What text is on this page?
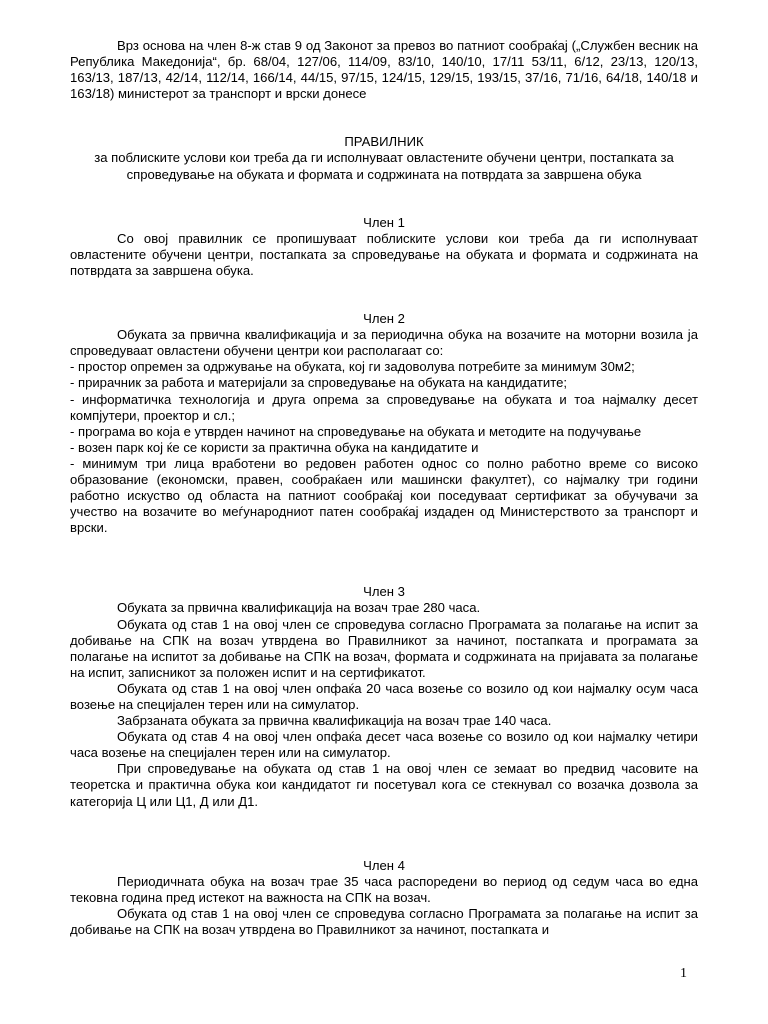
Врз основа на член 8-ж став 9 од Законот за превоз во патниот сообраќај („Службен весник на Република Македонија“, бр. 68/04, 127/06, 114/09, 83/10, 140/10, 17/11 53/11, 6/12, 23/13, 120/13, 163/13, 187/13, 42/14, 112/14, 166/14, 44/15, 97/15, 124/15, 129/15, 193/15, 37/16, 71/16, 64/18, 140/18 и 163/18) министерот за транспорт и врски донесе

ПРАВИЛНИК

за поблиските услови кои треба да ги исполнуваат овластените обучени центри, постапката за спроведување на обуката и формата и содржината на потврдата за завршена обука

Член 1

Со овој правилник се пропишуваат поблиските услови кои треба да ги исполнуваат овластените обучени центри, постапката за спроведување на обуката и формата и содржината на потврдата за завршена обука.

Член 2

Обуката за првична квалификација и за периодична обука на возачите на моторни возила ја спроведуваат овластени обучени центри кои располагаат со:

- простор опремен за одржување на обуката, кој ги задоволува потребите за минимум 30м2;

- прирачник за работа и материјали за спроведување на обуката на кандидатите;

- информатичка технологија и друга опрема за спроведување на обуката и тоа најмалку десет компјутери, проектор и сл.;

- програма во која е утврден начинот на спроведување на обуката и методите на подучување

- возен парк кој ќе се користи за практична обука на кандидатите и

- минимум три лица вработени во редовен работен однос со полно работно време со високо образование (економски, правен, сообраќаен или машински факултет), со најмалку три години работно искуство од областа на патниот сообраќај кои поседуваат сертификат за обучувачи за учество на возачите во меѓународниот патен сообраќај издаден од Министерството за транспорт и врски.

Член 3

Обуката за првична квалификација на возач трае 280 часа.

Обуката од став 1 на овој член се спроведува согласно Програмата за полагање на испит за добивање на СПК на возач утврдена во Правилникот за начинот, постапката и програмата за полагање на испитот за добивање на СПК на возач, формата и содржината на пријавата за полагање на испит, записникот за положен испит и на сертификатот.

Обуката од став 1 на овој член опфаќа 20 часа возење со возило од кои најмалку осум часа возење на специјален терен или на симулатор.

Забрзаната обуката за првична квалификација на возач трае 140 часа.

Обуката од став 4 на овој член опфаќа десет часа возење со возило од кои најмалку четири часа возење на специјален терен или на симулатор.

При спроведувањe на обуката од став 1 на овој член се земаат во предвид часовите на теоретска и практична обука кои кандидатот ги посетувал кога се стекнувал со возачка дозвола за категорија Ц или Ц1, Д или Д1.

Член 4

Периодичната обука на возач трае 35 часа распоредени во период од седум часа во една тековна година пред истекот на важноста на СПК на возач.

Обуката од став 1 на овој член се спроведува согласно Програмата за полагање на испит за добивање на СПК на возач утврдена во Правилникот за начинот, постапката и

1
